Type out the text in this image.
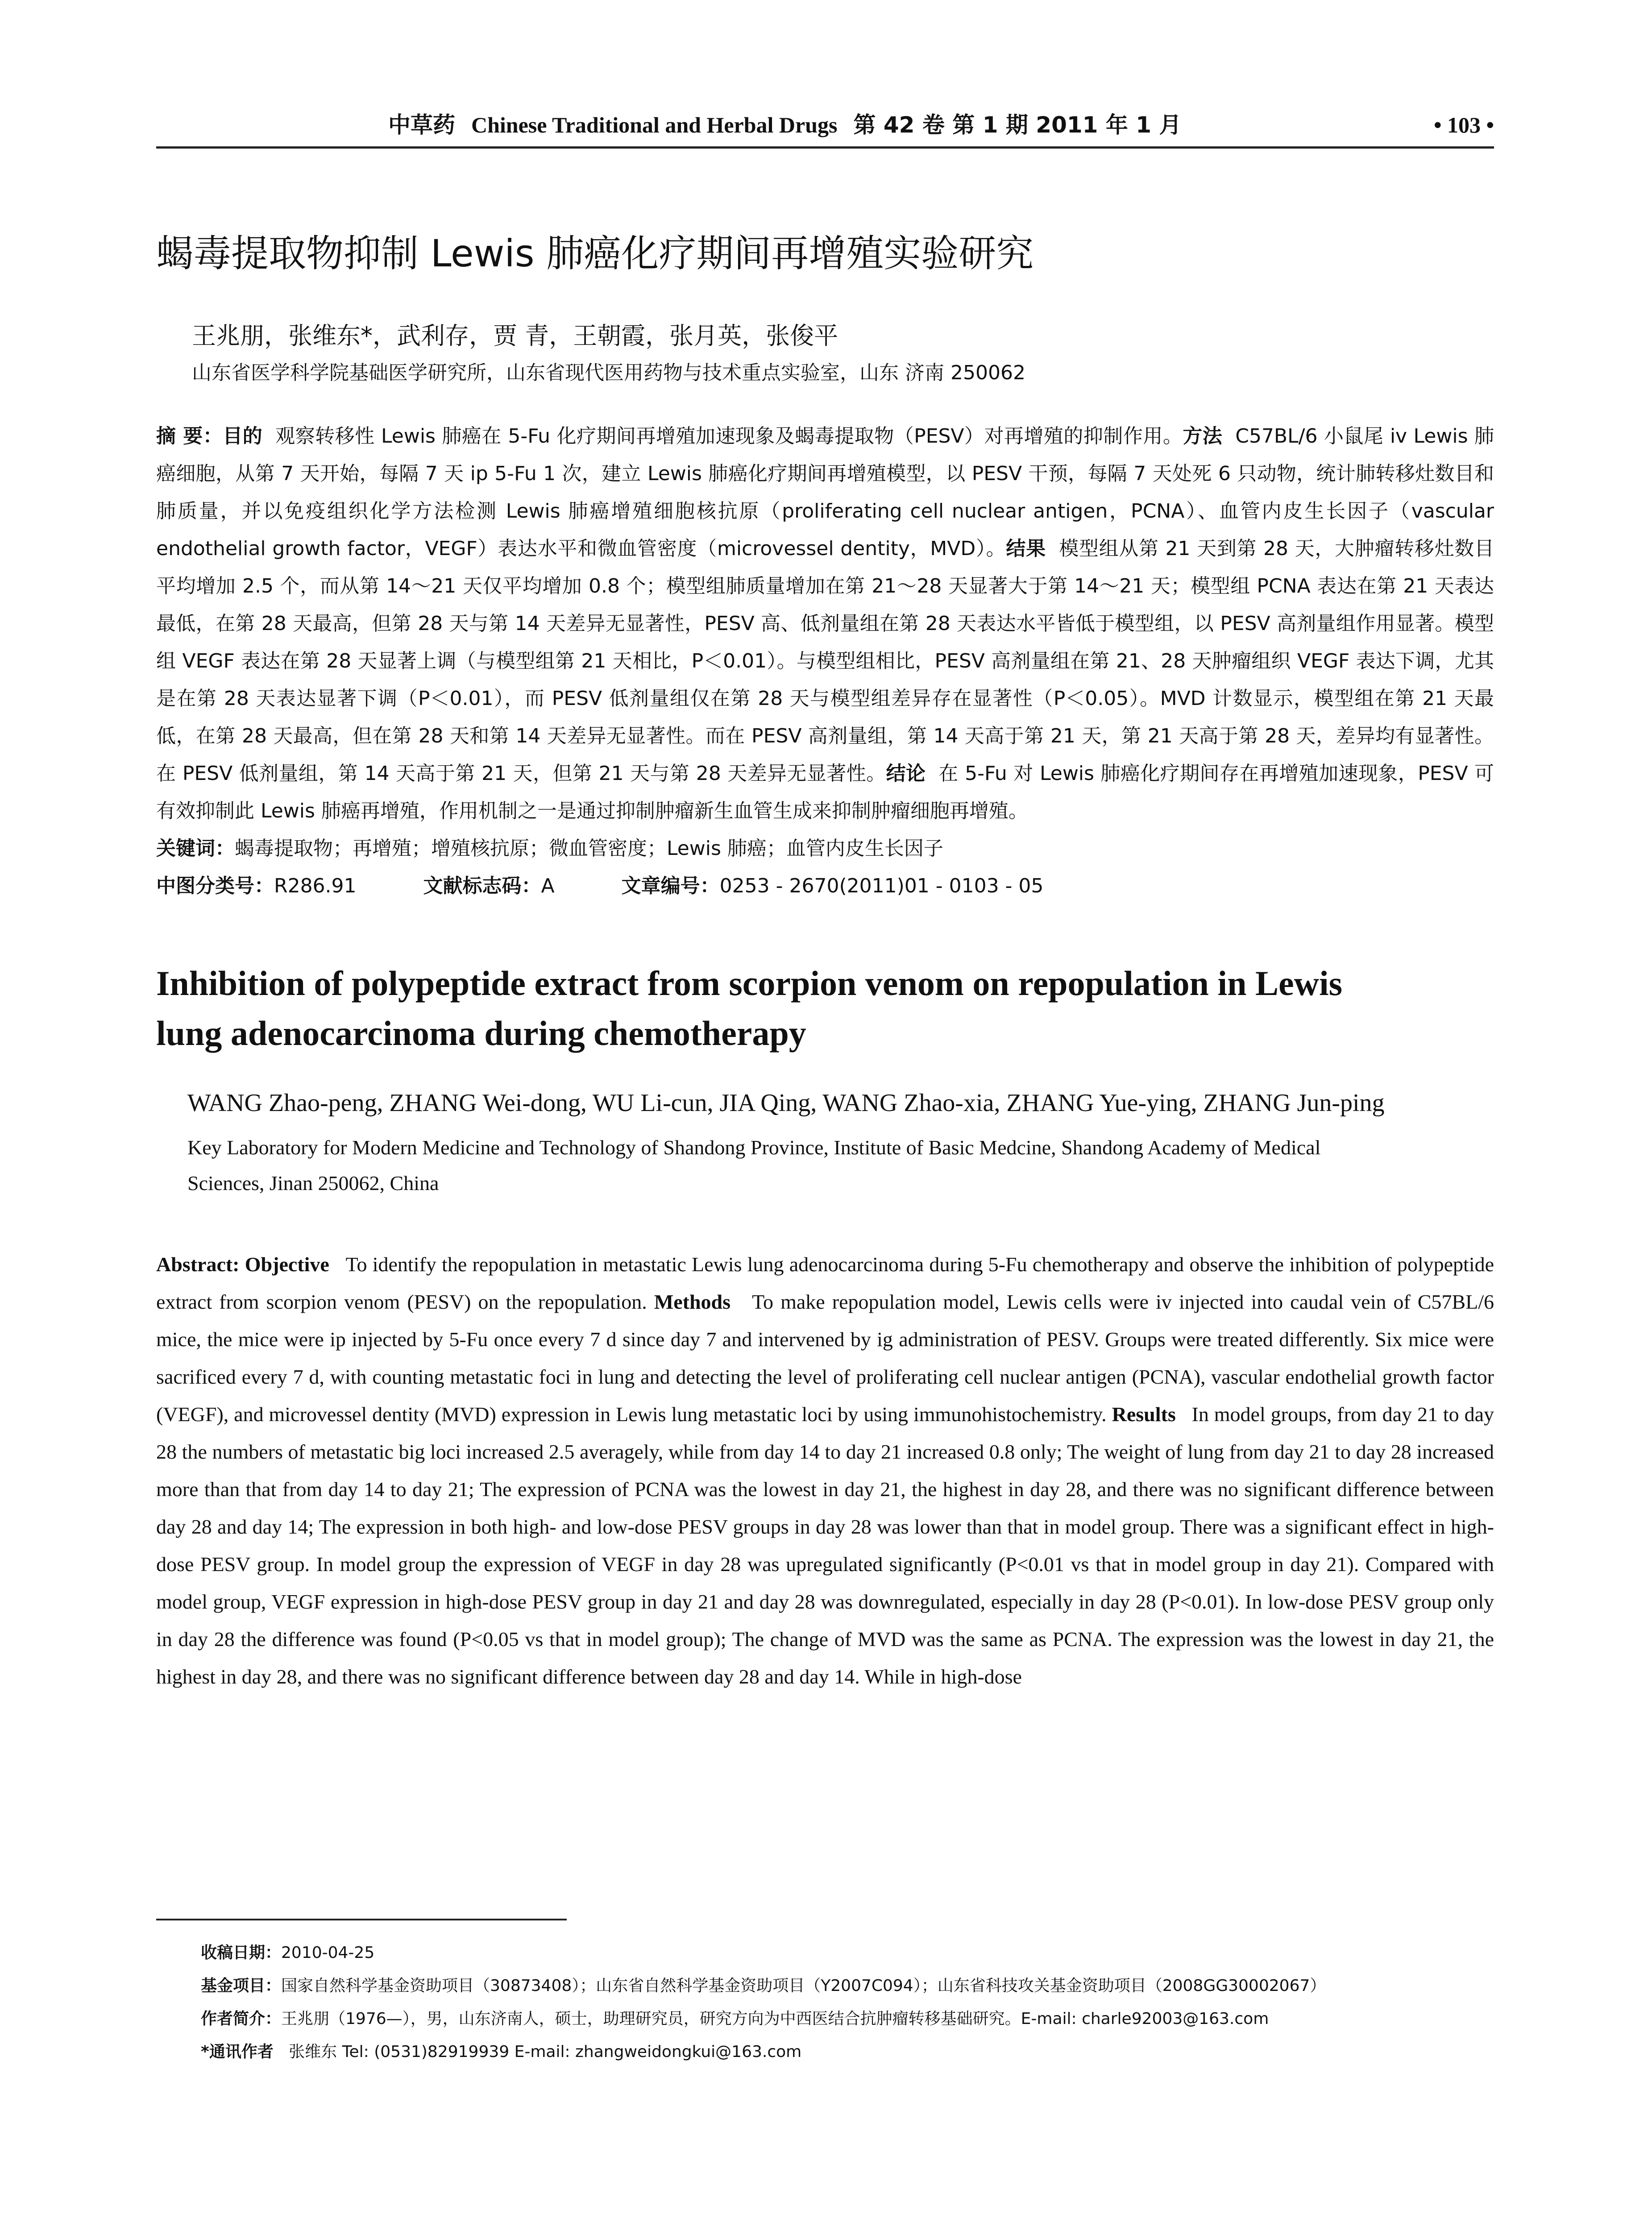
中草药 Chinese Traditional and Herbal Drugs 第 42 卷 第 1 期 2011 年 1 月	• 103 •
蝎毒提取物抑制 Lewis 肺癌化疗期间再增殖实验研究
王兆朋，张维东*，武利存，贾 青，王朝霞，张月英，张俊平
山东省医学科学院基础医学研究所，山东省现代医用药物与技术重点实验室，山东 济南 250062
摘 要：目的 观察转移性 Lewis 肺癌在 5-Fu 化疗期间再增殖加速现象及蝎毒提取物（PESV）对再增殖的抑制作用。方法 C57BL/6 小鼠尾 iv Lewis 肺癌细胞，从第 7 天开始，每隔 7 天 ip 5-Fu 1 次，建立 Lewis 肺癌化疗期间再增殖模型，以 PESV 干预，每隔 7 天处死 6 只动物，统计肺转移灶数目和肺质量，并以免疫组织化学方法检测 Lewis 肺癌增殖细胞核抗原（proliferating cell nuclear antigen，PCNA）、血管内皮生长因子（vascular endothelial growth factor，VEGF）表达水平和微血管密度（microvessel dentity，MVD）。结果 模型组从第 21 天到第 28 天，大肿瘤转移灶数目平均增加 2.5 个，而从第 14～21 天仅平均增加 0.8 个；模型组肺质量增加在第 21～28 天显著大于第 14～21 天；模型组 PCNA 表达在第 21 天表达最低，在第 28 天最高，但第 28 天与第 14 天差异无显著性，PESV 高、低剂量组在第 28 天表达水平皆低于模型组，以 PESV 高剂量组作用显著。模型组 VEGF 表达在第 28 天显著上调（与模型组第 21 天相比，P＜0.01）。与模型组相比，PESV 高剂量组在第 21、28 天肿瘤组织 VEGF 表达下调，尤其是在第 28 天表达显著下调（P＜0.01），而 PESV 低剂量组仅在第 28 天与模型组差异存在显著性（P＜0.05）。MVD 计数显示，模型组在第 21 天最低，在第 28 天最高，但在第 28 天和第 14 天差异无显著性。而在 PESV 高剂量组，第 14 天高于第 21 天，第 21 天高于第 28 天，差异均有显著性。在 PESV 低剂量组，第 14 天高于第 21 天，但第 21 天与第 28 天差异无显著性。结论 在 5-Fu 对 Lewis 肺癌化疗期间存在再增殖加速现象，PESV 可有效抑制此 Lewis 肺癌再增殖，作用机制之一是通过抑制肿瘤新生血管生成来抑制肿瘤细胞再增殖。
关键词：蝎毒提取物；再增殖；增殖核抗原；微血管密度；Lewis 肺癌；血管内皮生长因子
中图分类号：R286.91	文献标志码：A	文章编号：0253 - 2670(2011)01 - 0103 - 05
Inhibition of polypeptide extract from scorpion venom on repopulation in Lewis lung adenocarcinoma during chemotherapy
WANG Zhao-peng, ZHANG Wei-dong, WU Li-cun, JIA Qing, WANG Zhao-xia, ZHANG Yue-ying, ZHANG Jun-ping
Key Laboratory for Modern Medicine and Technology of Shandong Province, Institute of Basic Medcine, Shandong Academy of Medical Sciences, Jinan 250062, China
Abstract: Objective To identify the repopulation in metastatic Lewis lung adenocarcinoma during 5-Fu chemotherapy and observe the inhibition of polypeptide extract from scorpion venom (PESV) on the repopulation. Methods To make repopulation model, Lewis cells were iv injected into caudal vein of C57BL/6 mice, the mice were ip injected by 5-Fu once every 7 d since day 7 and intervened by ig administration of PESV. Groups were treated differently. Six mice were sacrificed every 7 d, with counting metastatic foci in lung and detecting the level of proliferating cell nuclear antigen (PCNA), vascular endothelial growth factor (VEGF), and microvessel dentity (MVD) expression in Lewis lung metastatic loci by using immunohistochemistry. Results In model groups, from day 21 to day 28 the numbers of metastatic big loci increased 2.5 averagely, while from day 14 to day 21 increased 0.8 only; The weight of lung from day 21 to day 28 increased more than that from day 14 to day 21; The expression of PCNA was the lowest in day 21, the highest in day 28, and there was no significant difference between day 28 and day 14; The expression in both high- and low-dose PESV groups in day 28 was lower than that in model group. There was a significant effect in high-dose PESV group. In model group the expression of VEGF in day 28 was upregulated significantly (P<0.01 vs that in model group in day 21). Compared with model group, VEGF expression in high-dose PESV group in day 21 and day 28 was downregulated, especially in day 28 (P<0.01). In low-dose PESV group only in day 28 the difference was found (P<0.05 vs that in model group); The change of MVD was the same as PCNA. The expression was the lowest in day 21, the highest in day 28, and there was no significant difference between day 28 and day 14. While in high-dose
收稿日期：2010-04-25
基金项目：国家自然科学基金资助项目（30873408）；山东省自然科学基金资助项目（Y2007C094）；山东省科技攻关基金资助项目（2008GG30002067）
作者简介：王兆朋（1976—），男，山东济南人，硕士，助理研究员，研究方向为中西医结合抗肿瘤转移基础研究。E-mail: charle92003@163.com
*通讯作者 张维东 Tel: (0531)82919939 E-mail: zhangweidongkui@163.com
